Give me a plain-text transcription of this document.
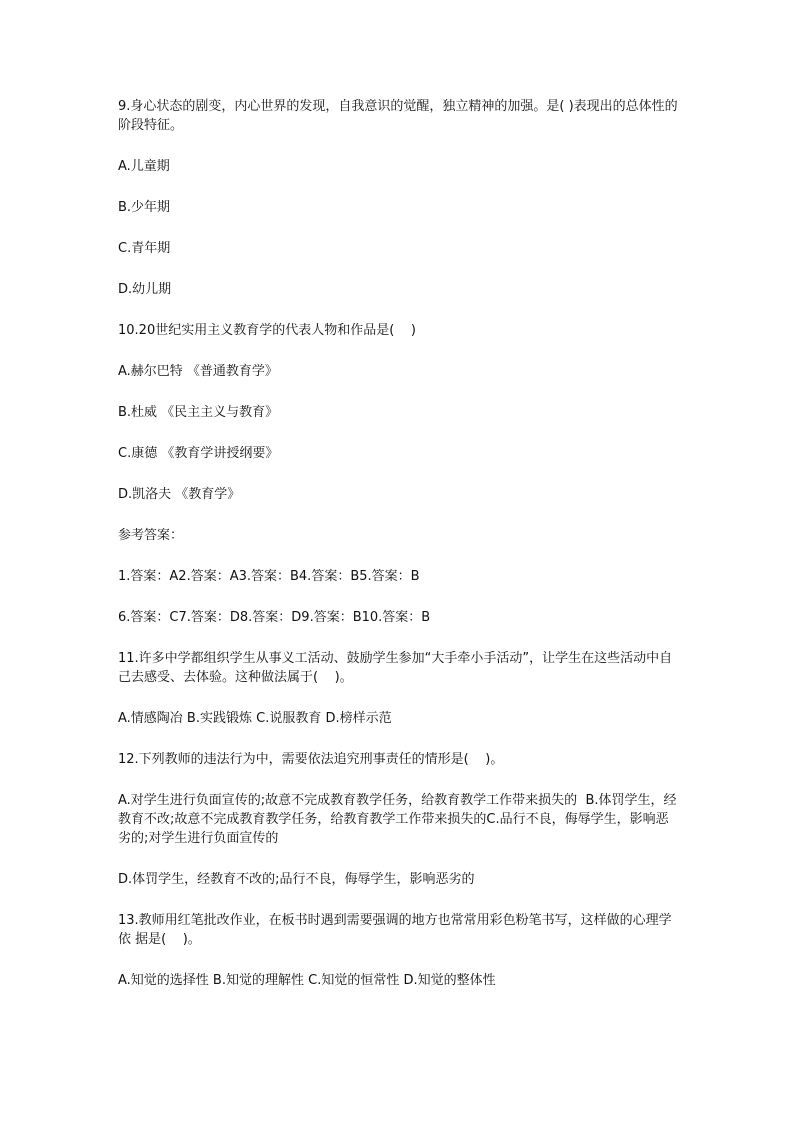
9.身心状态的剧变，内心世界的发现，自我意识的觉醒，独立精神的加强。是( )表现出的总体性的阶段特征。

A.儿童期

B.少年期

C.青年期

D.幼儿期

10.20世纪实用主义教育学的代表人物和作品是(    )

A.赫尔巴特 《普通教育学》

B.杜威 《民主主义与教育》

C.康德 《教育学讲授纲要》

D.凯洛夫 《教育学》

参考答案：

1.答案：A2.答案：A3.答案：B4.答案：B5.答案：B

6.答案：C7.答案：D8.答案：D9.答案：B10.答案：B

11.许多中学都组织学生从事义工活动、鼓励学生参加“大手牵小手活动”，让学生在这些活动中自己去感受、去体验。这种做法属于(    )。

A.情感陶冶 B.实践锻炼 C.说服教育 D.榜样示范

12.下列教师的违法行为中，需要依法追究刑事责任的情形是(    )。

A.对学生进行负面宣传的;故意不完成教育教学任务，给教育教学工作带来损失的  B.体罚学生，经教育不改;故意不完成教育教学任务，给教育教学工作带来损失的C.品行不良，侮辱学生，影响恶劣的;对学生进行负面宣传的

D.体罚学生，经教育不改的;品行不良，侮辱学生，影响恶劣的

13.教师用红笔批改作业，在板书时遇到需要强调的地方也常常用彩色粉笔书写，这样做的心理学依 据是(    )。

A.知觉的选择性 B.知觉的理解性 C.知觉的恒常性 D.知觉的整体性
